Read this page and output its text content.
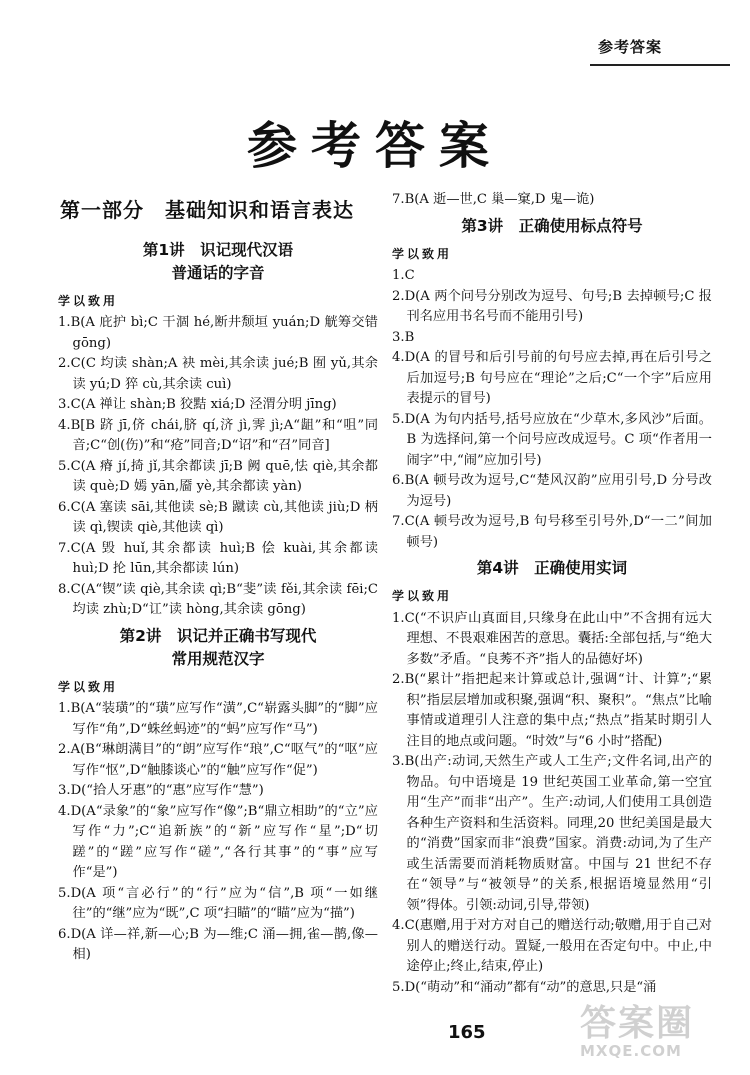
参考答案
参考答案
第一部分　基础知识和语言表达
第1讲　识记现代汉语
普通话的字音
学以致用

1.B(A 庇护 bì;C 干涸 hé,断井颓垣 yuán;D 觥筹交错 gōng)

2.C(C 均读 shàn;A 袂 mèi,其余读 jué;B 囿 yǔ,其余读 yú;D 猝 cù,其余读 cuì)

3.C(A 禅让 shàn;B 狡黠 xiá;D 泾渭分明 jīng)

4.B[B 跻 jī,侪 chái,脐 qí,济 jì,霁 jì;A“龃”和“咀”同音;C“创(伤)”和“疮”同音;D“诏”和“召”同音]

5.C(A 瘠 jí,掎 jǐ,其余都读 jī;B 阙 quē,怯 qiè,其余都读 què;D 嫣 yān,靥 yè,其余都读 yàn)

6.C(A 塞读 sāi,其他读 sè;B 蹴读 cù,其他读 jiù;D 柄读 qì,锲读 qiè,其他读 qì)

7.C(A 毁 huǐ,其余都读 huì;B 侩 kuài,其余都读 huì;D 抡 lūn,其余都读 lún)

8.C(A“锲”读 qiè,其余读 qì;B“斐”读 fěi,其余读 fēi;C 均读 zhù;D“讧”读 hòng,其余读 gōng)

第2讲　识记并正确书写现代
常用规范汉字
学以致用

1.B(A“装璜”的“璜”应写作“潢”,C“崭露头脚”的“脚”应写作“角”,D“蛛丝蚂迹”的“蚂”应写作“马”)

2.A(B“琳朗满目”的“朗”应写作“琅”,C“呕气”的“呕”应写作“怄”,D“触膝谈心”的“触”应写作“促”)

3.D(“拾人牙惠”的“惠”应写作“慧”)

4.D(A“录象”的“象”应写作“像”;B“鼎立相助”的“立”应写作“力”;C“追新族”的“新”应写作“星”;D“切蹉”的“蹉”应写作“磋”,“各行其事”的“事”应写作“是”)

5.D(A 项“言必行”的“行”应为“信”,B 项“一如继往”的“继”应为“既”,C 项“扫瞄”的“瞄”应为“描”)

6.D(A 详—祥,新—心;B 为—维;C 涌—拥,雀—鹊,像—相)

7.B(A 逝—世,C 巢—窠,D 鬼—诡)

第3讲　正确使用标点符号
学以致用

1.C

2.D(A 两个问号分别改为逗号、句号;B 去掉顿号;C 报刊名应用书名号而不能用引号)

3.B

4.D(A 的冒号和后引号前的句号应去掉,再在后引号之后加逗号;B 句号应在“理论”之后;C“一个字”后应用表提示的冒号)

5.D(A 为句内括号,括号应放在“少草木,多风沙”后面。B 为选择问,第一个问号应改成逗号。C 项“作者用一闹字”中,“闹”应加引号)

6.B(A 顿号改为逗号,C“楚风汉韵”应用引号,D 分号改为逗号)

7.C(A 顿号改为逗号,B 句号移至引号外,D“一二”间加顿号)

第4讲　正确使用实词
学以致用

1.C(“不识庐山真面目,只缘身在此山中”不含拥有远大理想、不畏艰难困苦的意思。囊括:全部包括,与“绝大多数”矛盾。“良莠不齐”指人的品德好坏)

2.B(“累计”指把起来计算或总计,强调“计、计算”;“累积”指层层增加或积聚,强调“积、聚积”。“焦点”比喻事情或道理引人注意的集中点;“热点”指某时期引人注目的地点或问题。“时效”与“6 小时”搭配)

3.B(出产:动词,天然生产或人工生产;文件名词,出产的物品。句中语境是 19 世纪英国工业革命,第一空宜用“生产”而非“出产”。生产:动词,人们使用工具创造各种生产资料和生活资料。同理,20 世纪美国是最大的“消费”国家而非“浪费”国家。消费:动词,为了生产或生活需要而消耗物质财富。中国与 21 世纪不存在“领导”与“被领导”的关系,根据语境显然用“引领”得体。引领:动词,引导,带领)

4.C(惠赠,用于对方对自己的赠送行动;敬赠,用于自己对别人的赠送行动。置疑,一般用在否定句中。中止,中途停止;终止,结束,停止)

5.D(“萌动”和“涌动”都有“动”的意思,只是“涌

165	答案圈
MXQE.COM
